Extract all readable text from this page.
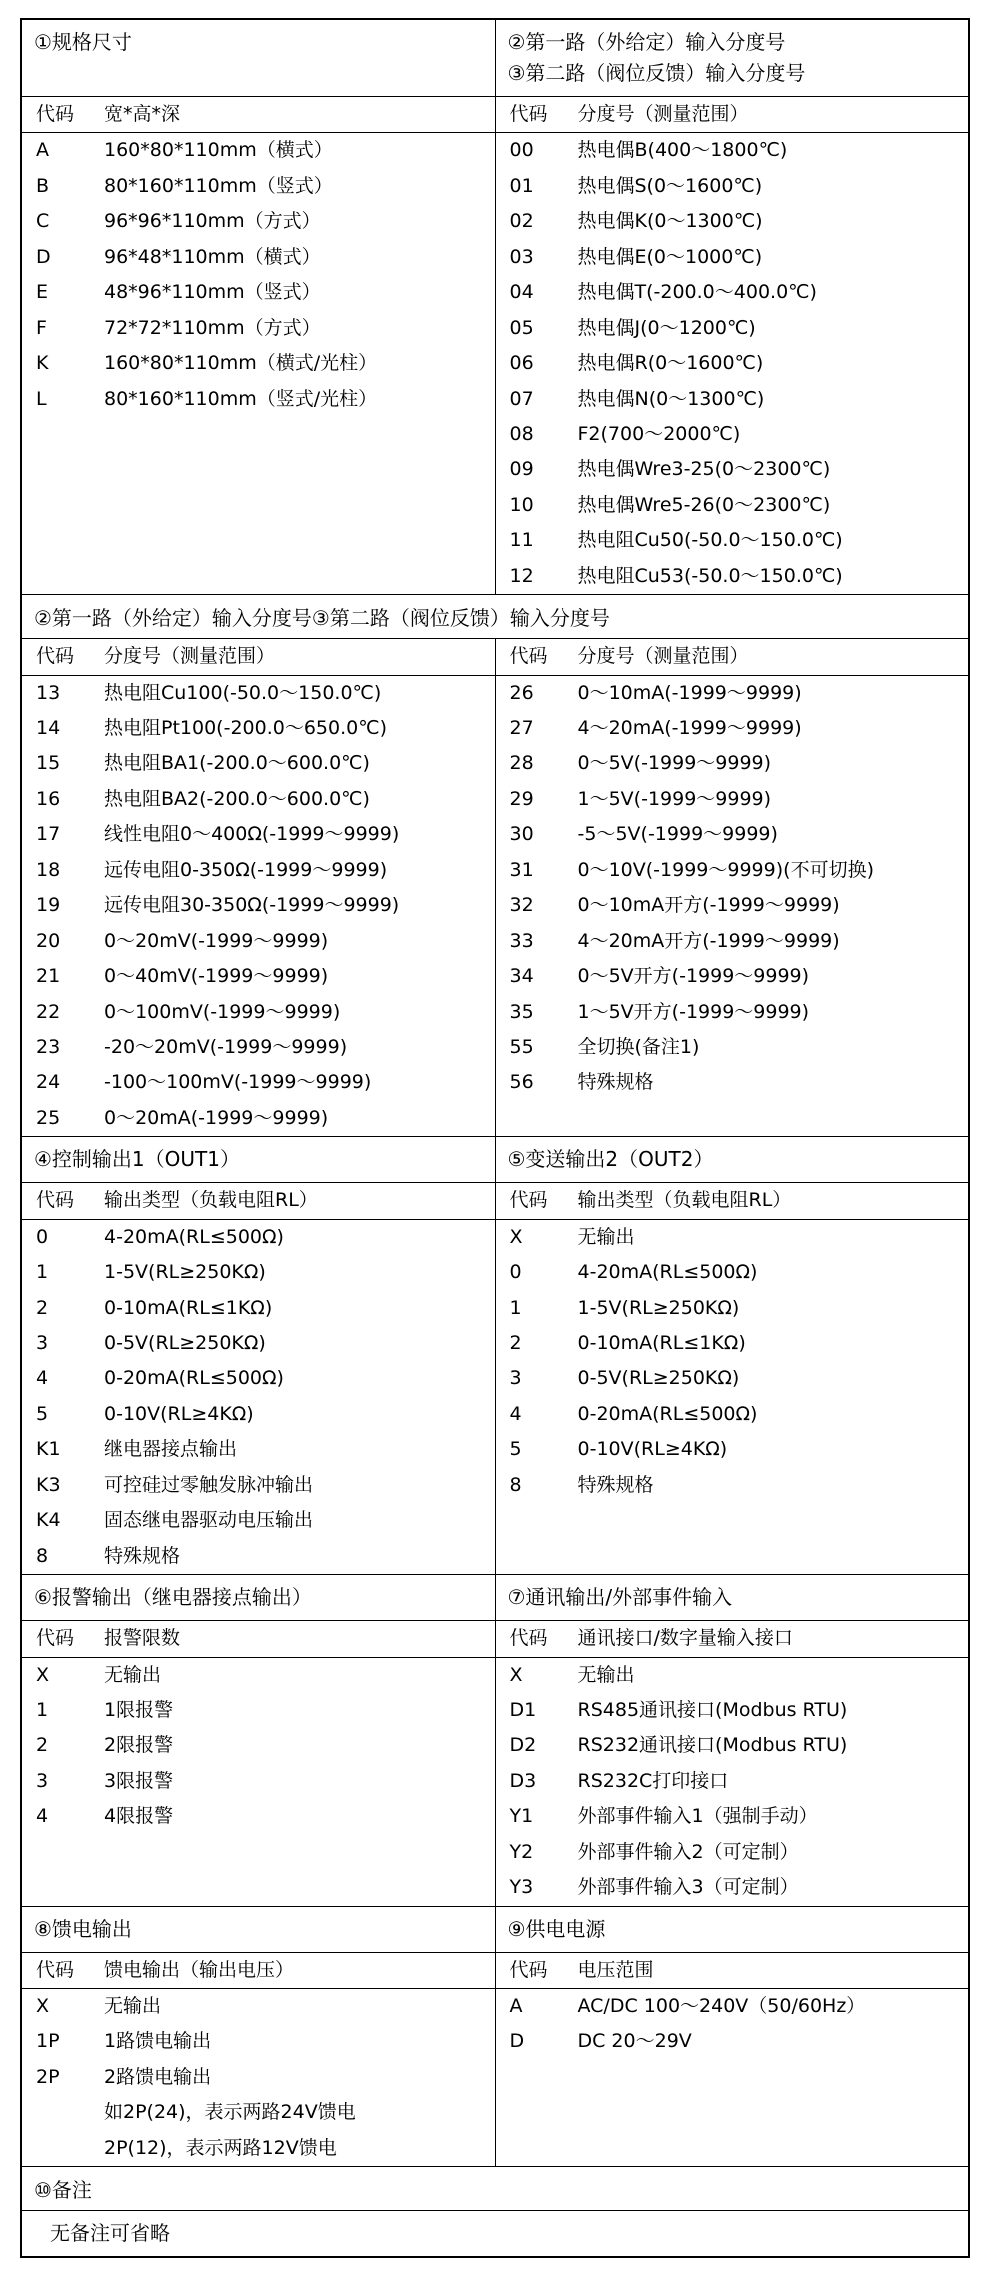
①规格尺寸	②第一路（外给定）输入分度号
③第二路（阀位反馈）输入分度号

代码	宽*高*深
		代码	分度号（测量范围）

A	160*80*110mm（横式）
B	80*160*110mm（竖式）
C	96*96*110mm（方式）
D	96*48*110mm（横式）
E	48*96*110mm（竖式）
F	72*72*110mm（方式）
K	160*80*110mm（横式/光柱）
L	80*160*110mm（竖式/光柱）

00	热电偶B(400～1800℃)
01	热电偶S(0～1600℃)
02	热电偶K(0～1300℃)
03	热电偶E(0～1000℃)
04	热电偶T(-200.0～400.0℃)
05	热电偶J(0～1200℃)
06	热电偶R(0～1600℃)
07	热电偶N(0～1300℃)
08	F2(700～2000℃)
09	热电偶Wre3-25(0～2300℃)
10	热电偶Wre5-26(0～2300℃)
11	热电阻Cu50(-50.0～150.0℃)
12	热电阻Cu53(-50.0～150.0℃)

②第一路（外给定）输入分度号③第二路（阀位反馈）输入分度号

代码	分度号（测量范围）
		代码	分度号（测量范围）

13	热电阻Cu100(-50.0～150.0℃)
14	热电阻Pt100(-200.0～650.0℃)
15	热电阻BA1(-200.0～600.0℃)
16	热电阻BA2(-200.0～600.0℃)
17	线性电阻0～400Ω(-1999～9999)
18	远传电阻0-350Ω(-1999～9999)
19	远传电阻30-350Ω(-1999～9999)
20	0～20mV(-1999～9999)
21	0～40mV(-1999～9999)
22	0～100mV(-1999～9999)
23	-20～20mV(-1999～9999)
24	-100～100mV(-1999～9999)
25	0～20mA(-1999～9999)

26	0～10mA(-1999～9999)
27	4～20mA(-1999～9999)
28	0～5V(-1999～9999)
29	1～5V(-1999～9999)
30	-5～5V(-1999～9999)
31	0～10V(-1999～9999)(不可切换)
32	0～10mA开方(-1999～9999)
33	4～20mA开方(-1999～9999)
34	0～5V开方(-1999～9999)
35	1～5V开方(-1999～9999)
55	全切换(备注1)
56	特殊规格

④控制输出1（OUT1）	⑤变送输出2（OUT2）

代码	输出类型（负载电阻RL）
		代码	输出类型（负载电阻RL）

0	4-20mA(RL≤500Ω)
1	1-5V(RL≥250KΩ)
2	0-10mA(RL≤1KΩ)
3	0-5V(RL≥250KΩ)
4	0-20mA(RL≤500Ω)
5	0-10V(RL≥4KΩ)
K1	继电器接点输出
K3	可控硅过零触发脉冲输出
K4	固态继电器驱动电压输出
8	特殊规格

X	无输出
0	4-20mA(RL≤500Ω)
1	1-5V(RL≥250KΩ)
2	0-10mA(RL≤1KΩ)
3	0-5V(RL≥250KΩ)
4	0-20mA(RL≤500Ω)
5	0-10V(RL≥4KΩ)
8	特殊规格

⑥报警输出（继电器接点输出）	⑦通讯输出/外部事件输入

代码	报警限数
		代码	通讯接口/数字量输入接口

X	无输出
1	1限报警
2	2限报警
3	3限报警
4	4限报警

X	无输出
D1	RS485通讯接口(Modbus RTU)
D2	RS232通讯接口(Modbus RTU)
D3	RS232C打印接口
Y1	外部事件输入1（强制手动）
Y2	外部事件输入2（可定制）
Y3	外部事件输入3（可定制）

⑧馈电输出	⑨供电电源

代码	馈电输出（输出电压）
		代码	电压范围

X	无输出
1P	1路馈电输出
2P	2路馈电输出
	如2P(24)，表示两路24V馈电
	2P(12)，表示两路12V馈电

A	AC/DC 100～240V（50/60Hz）
D	DC 20～29V

⑩备注

无备注可省略
